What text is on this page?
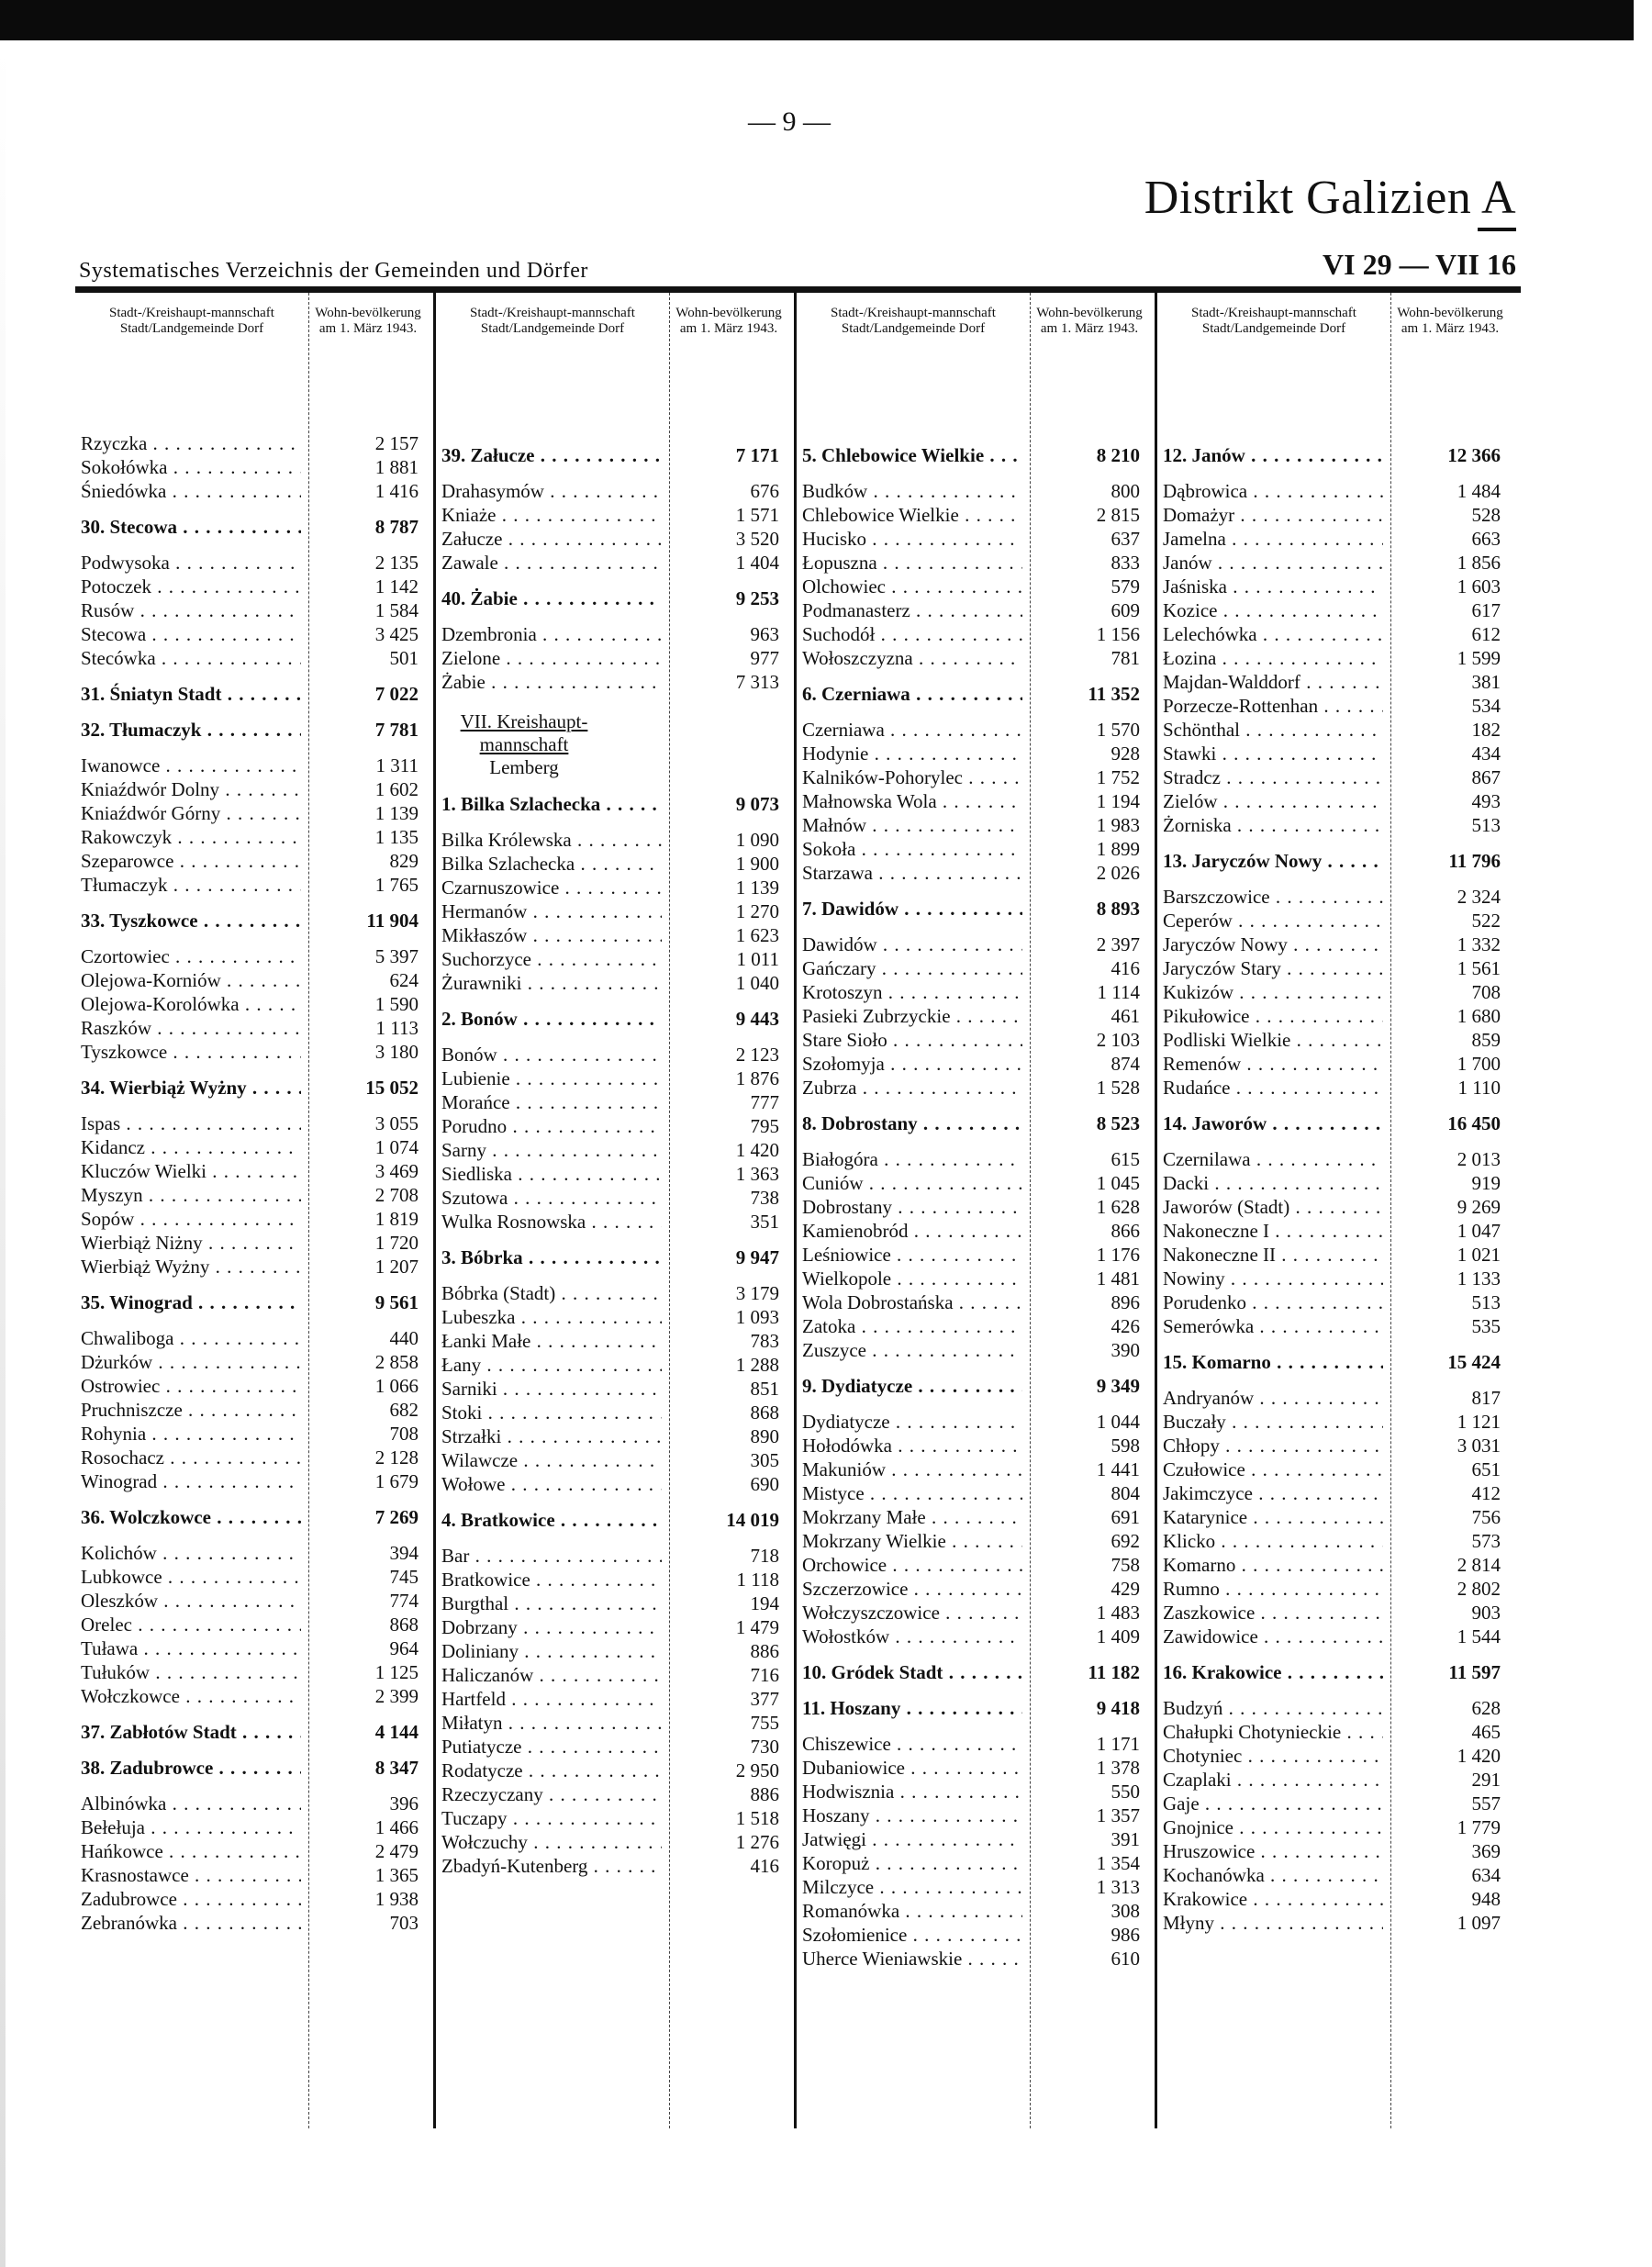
— 9 —
Distrikt Galizien A
VI 29 — VII 16
Systematisches Verzeichnis der Gemeinden und Dörfer
Stadt-/Kreishaupt-mannschaft Stadt/Landgemeinde Dorf
Wohn-bevölkerung am 1. März 1943.
Rzyczka . . .	2 157
Sokołówka . . .	1 881
Śniedówka . . .	1 416
30. Stecowa . . .	8 787
Podwysoka . . .	2 135
Potoczek . . .	1 142
Rusów . . .	1 584
Stecowa . . .	3 425
Stecówka . . .	501
31. Śniatyn Stadt . . .	7 022
32. Tłumaczyk . . .	7 781
Iwanowce . . .	1 311
Kniaźdwór Dolny . . .	1 602
Kniaźdwór Górny . . .	1 139
Rakowczyk . . .	1 135
Szeparowce . . .	829
Tłumaczyk . . .	1 765
33. Tyszkowce . . .	11 904
Czortowiec . . .	5 397
Olejowa-Korniów . . .	624
Olejowa-Korolówka . . .	1 590
Raszków . . .	1 113
Tyszkowce . . .	3 180
34. Wierbiąż Wyżny . . .	15 052
Ispas . . .	3 055
Kidancz . . .	1 074
Kluczów Wielki . . .	3 469
Myszyn . . .	2 708
Sopów . . .	1 819
Wierbiąż Niżny . . .	1 720
Wierbiąż Wyżny . . .	1 207
35. Winograd . . .	9 561
Chwaliboga . . .	440
Dżurków . . .	2 858
Ostrowiec . . .	1 066
Pruchniszcze . . .	682
Rohynia . . .	708
Rosochacz . . .	2 128
Winograd . . .	1 679
36. Wolczkowce . . .	7 269
Kolichów . . .	394
Lubkowce . . .	745
Oleszków . . .	774
Orelec . . .	868
Tuława . . .	964
Tułuków . . .	1 125
Wołczkowce . . .	2 399
37. Zabłotów Stadt . . .	4 144
38. Zadubrowce . . .	8 347
Albinówka . . .	396
Bełełuja . . .	1 466
Hańkowce . . .	2 479
Krasnostawce . . .	1 365
Zadubrowce . . .	1 938
Zebranówka . . .	703
Stadt-/Kreishaupt-mannschaft Stadt/Landgemeinde Dorf
Wohn-bevölkerung am 1. März 1943.
39. Załucze . . .	7 171
Drahasymów . . .	676
Kniaże . . .	1 571
Załucze . . .	3 520
Zawale . . .	1 404
40. Żabie . . .	9 253
Dzembronia . . .	963
Zielone . . .	977
Żabie . . .	7 313
VII. Kreishaupt-mannschaft
Lemberg
1. Bilka Szlachecka . . .	9 073
Bilka Królewska . . .	1 090
Bilka Szlachecka . . .	1 900
Czarnuszowice . . .	1 139
Hermanów . . .	1 270
Mikłaszów . . .	1 623
Suchorzyce . . .	1 011
Żurawniki . . .	1 040
2. Bonów . . .	9 443
Bonów . . .	2 123
Lubienie . . .	1 876
Morańce . . .	777
Porudno . . .	795
Sarny . . .	1 420
Siedliska . . .	1 363
Szutowa . . .	738
Wulka Rosnowska . . .	351
3. Bóbrka . . .	9 947
Bóbrka (Stadt) . . .	3 179
Lubeszka . . .	1 093
Łanki Małe . . .	783
Łany . . .	1 288
Sarniki . . .	851
Stoki . . .	868
Strzałki . . .	890
Wilawcze . . .	305
Wołowe . . .	690
4. Bratkowice . . .	14 019
Bar . . .	718
Bratkowice . . .	1 118
Burgthal . . .	194
Dobrzany . . .	1 479
Doliniany . . .	886
Haliczanów . . .	716
Hartfeld . . .	377
Miłatyn . . .	755
Putiatycze . . .	730
Rodatycze . . .	2 950
Rzeczyczany . . .	886
Tuczapy . . .	1 518
Wołczuchy . . .	1 276
Zbadyń-Kutenberg . . .	416
Stadt-/Kreishaupt-mannschaft Stadt/Landgemeinde Dorf
Wohn-bevölkerung am 1. März 1943.
5. Chlebowice Wielkie . . .	8 210
Budków . . .	800
Chlebowice Wielkie . . .	2 815
Hucisko . . .	637
Łopuszna . . .	833
Olchowiec . . .	579
Podmanasterz . . .	609
Suchodół . . .	1 156
Wołoszczyzna . . .	781
6. Czerniawa . . .	11 352
Czerniawa . . .	1 570
Hodynie . . .	928
Kalników-Pohorylec . . .	1 752
Małnowska Wola . . .	1 194
Małnów . . .	1 983
Sokoła . . .	1 899
Starzawa . . .	2 026
7. Dawidów . . .	8 893
Dawidów . . .	2 397
Gańczary . . .	416
Krotoszyn . . .	1 114
Pasieki Zubrzyckie . . .	461
Stare Sioło . . .	2 103
Szołomyja . . .	874
Zubrza . . .	1 528
8. Dobrostany . . .	8 523
Białogóra . . .	615
Cuniów . . .	1 045
Dobrostany . . .	1 628
Kamienobród . . .	866
Leśniowice . . .	1 176
Wielkopole . . .	1 481
Wola Dobrostańska . . .	896
Zatoka . . .	426
Zuszyce . . .	390
9. Dydiatycze . . .	9 349
Dydiatycze . . .	1 044
Hołodówka . . .	598
Makuniów . . .	1 441
Mistyce . . .	804
Mokrzany Małe . . .	691
Mokrzany Wielkie . . .	692
Orchowice . . .	758
Szczerzowice . . .	429
Wołczyszczowice . . .	1 483
Wołostków . . .	1 409
10. Gródek Stadt . . .	11 182
11. Hoszany . . .	9 418
Chiszewice . . .	1 171
Dubaniowice . . .	1 378
Hodwisznia . . .	550
Hoszany . . .	1 357
Jatwięgi . . .	391
Koropuż . . .	1 354
Milczyce . . .	1 313
Romanówka . . .	308
Szołomienice . . .	986
Uherce Wieniawskie . . .	610
Stadt-/Kreishaupt-mannschaft Stadt/Landgemeinde Dorf
Wohn-bevölkerung am 1. März 1943.
12. Janów . . .	12 366
Dąbrowica . . .	1 484
Domażyr . . .	528
Jamelna . . .	663
Janów . . .	1 856
Jaśniska . . .	1 603
Kozice . . .	617
Lelechówka . . .	612
Łozina . . .	1 599
Majdan-Walddorf . . .	381
Porzecze-Rottenhan . . .	534
Schönthal . . .	182
Stawki . . .	434
Stradcz . . .	867
Zielów . . .	493
Żorniska . . .	513
13. Jaryczów Nowy . . .	11 796
Barszczowice . . .	2 324
Ceperów . . .	522
Jaryczów Nowy . . .	1 332
Jaryczów Stary . . .	1 561
Kukizów . . .	708
Pikułowice . . .	1 680
Podliski Wielkie . . .	859
Remenów . . .	1 700
Rudańce . . .	1 110
14. Jaworów . . .	16 450
Czernilawa . . .	2 013
Dacki . . .	919
Jaworów (Stadt) . . .	9 269
Nakoneczne I . . .	1 047
Nakoneczne II . . .	1 021
Nowiny . . .	1 133
Porudenko . . .	513
Semerówka . . .	535
15. Komarno . . .	15 424
Andryanów . . .	817
Buczały . . .	1 121
Chłopy . . .	3 031
Czułowice . . .	651
Jakimczyce . . .	412
Katarynice . . .	756
Klicko . . .	573
Komarno . . .	2 814
Rumno . . .	2 802
Zaszkowice . . .	903
Zawidowice . . .	1 544
16. Krakowice . . .	11 597
Budzyń . . .	628
Chałupki Chotynieckie . . .	465
Chotyniec . . .	1 420
Czaplaki . . .	291
Gaje . . .	557
Gnojnice . . .	1 779
Hruszowice . . .	369
Kochanówka . . .	634
Krakowice . . .	948
Młyny . . .	1 097
